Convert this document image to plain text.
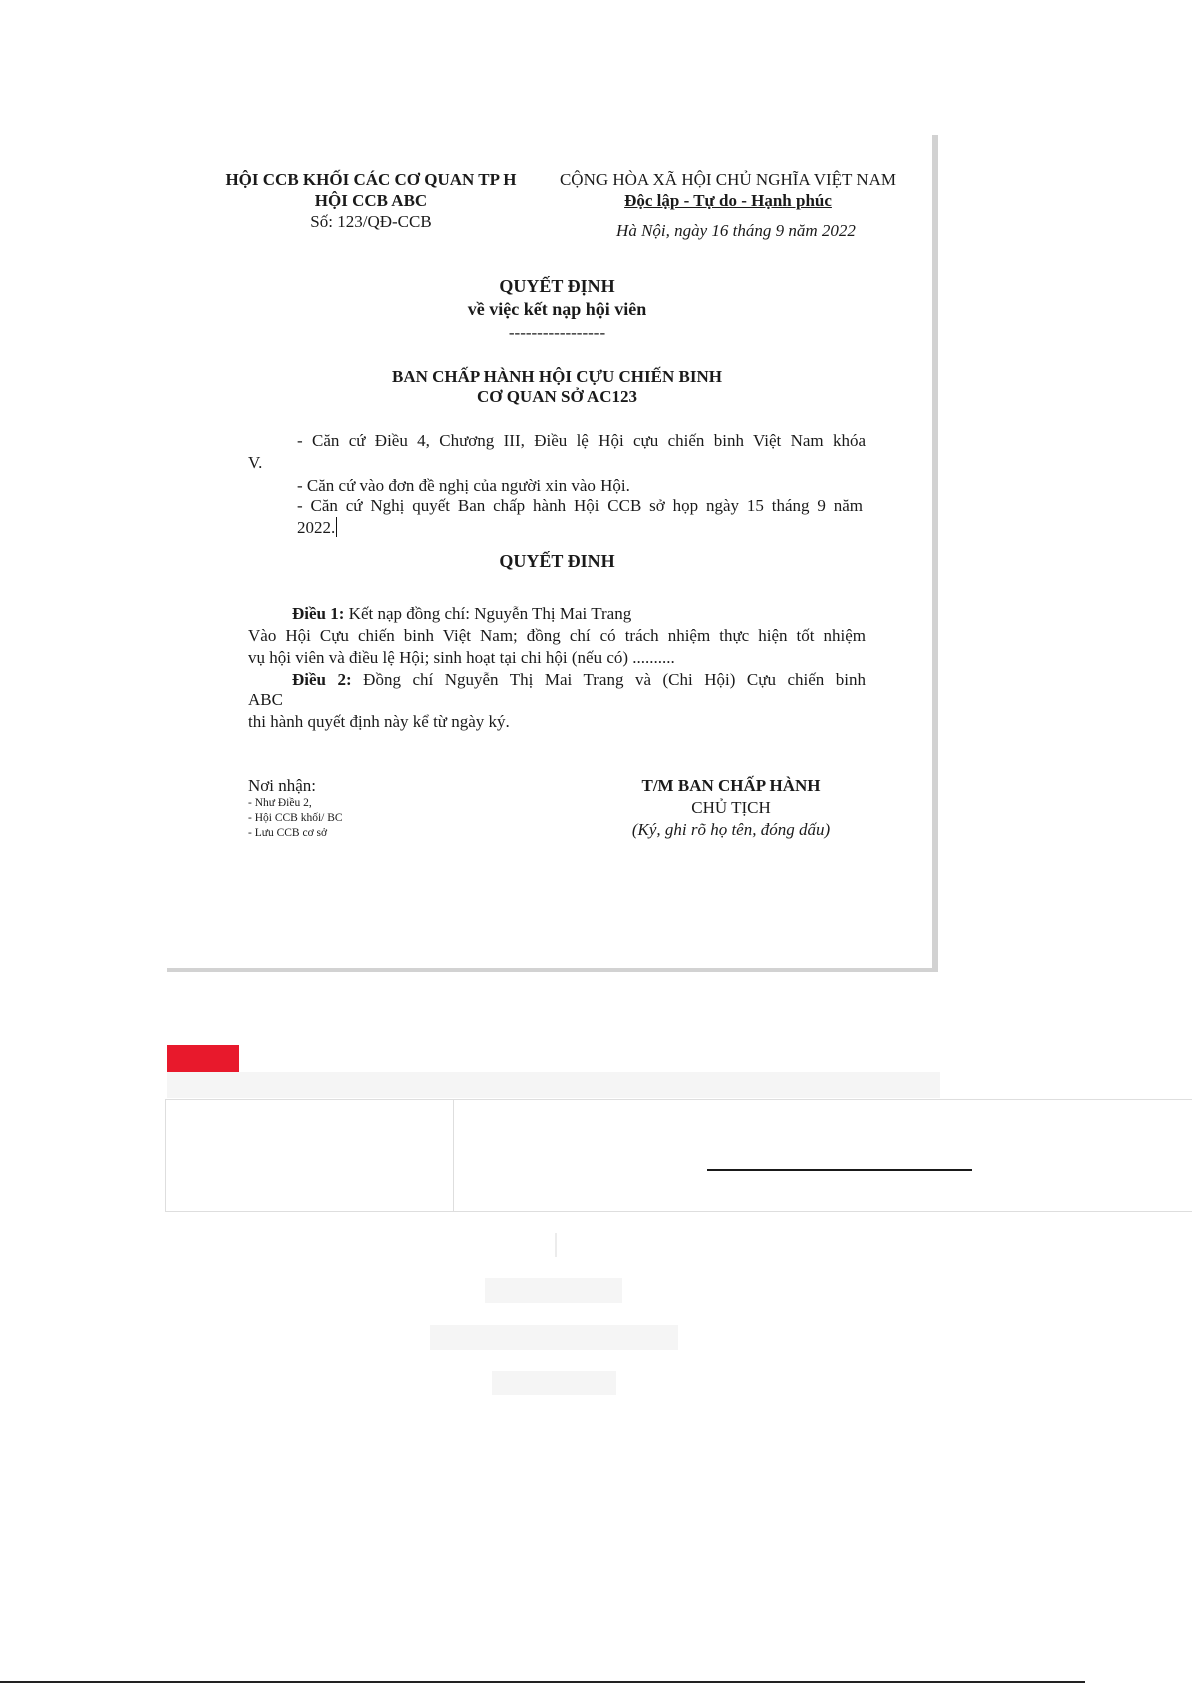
HỘI CCB KHỐI CÁC CƠ QUAN TP H
HỘI CCB ABC
Số: 123/QĐ-CCB
CỘNG HÒA XÃ HỘI CHỦ NGHĨA VIỆT NAM
Độc lập - Tự do - Hạnh phúc
Hà Nội, ngày 16 tháng 9 năm 2022
QUYẾT ĐỊNH
về việc kết nạp hội viên
-----------------
BAN CHẤP HÀNH HỘI CỰU CHIẾN BINH
CƠ QUAN SỞ AC123
- Căn cứ Điều 4, Chương III, Điều lệ Hội cựu chiến binh Việt Nam khóa
V.
- Căn cứ vào đơn đề nghị của người xin vào Hội.
- Căn cứ Nghị quyết Ban chấp hành Hội CCB sở họp ngày 15 tháng 9 năm
2022.
QUYẾT ĐINH
Điều 1: Kết nạp đồng chí: Nguyễn Thị Mai Trang
Vào Hội Cựu chiến binh Việt Nam; đồng chí có trách nhiệm thực hiện tốt nhiệm
vụ hội viên và điều lệ Hội; sinh hoạt tại chi hội (nếu có) ..........
Điều 2: Đồng chí Nguyễn Thị Mai Trang và (Chi Hội) Cựu chiến binh
ABC
thi hành quyết định này kể từ ngày ký.
Nơi nhận:
- Như Điều 2,
- Hội CCB khối/ BC
- Lưu CCB cơ sở
T/M BAN CHẤP HÀNH
CHỦ TỊCH
(Ký, ghi rõ họ tên, đóng dấu)
